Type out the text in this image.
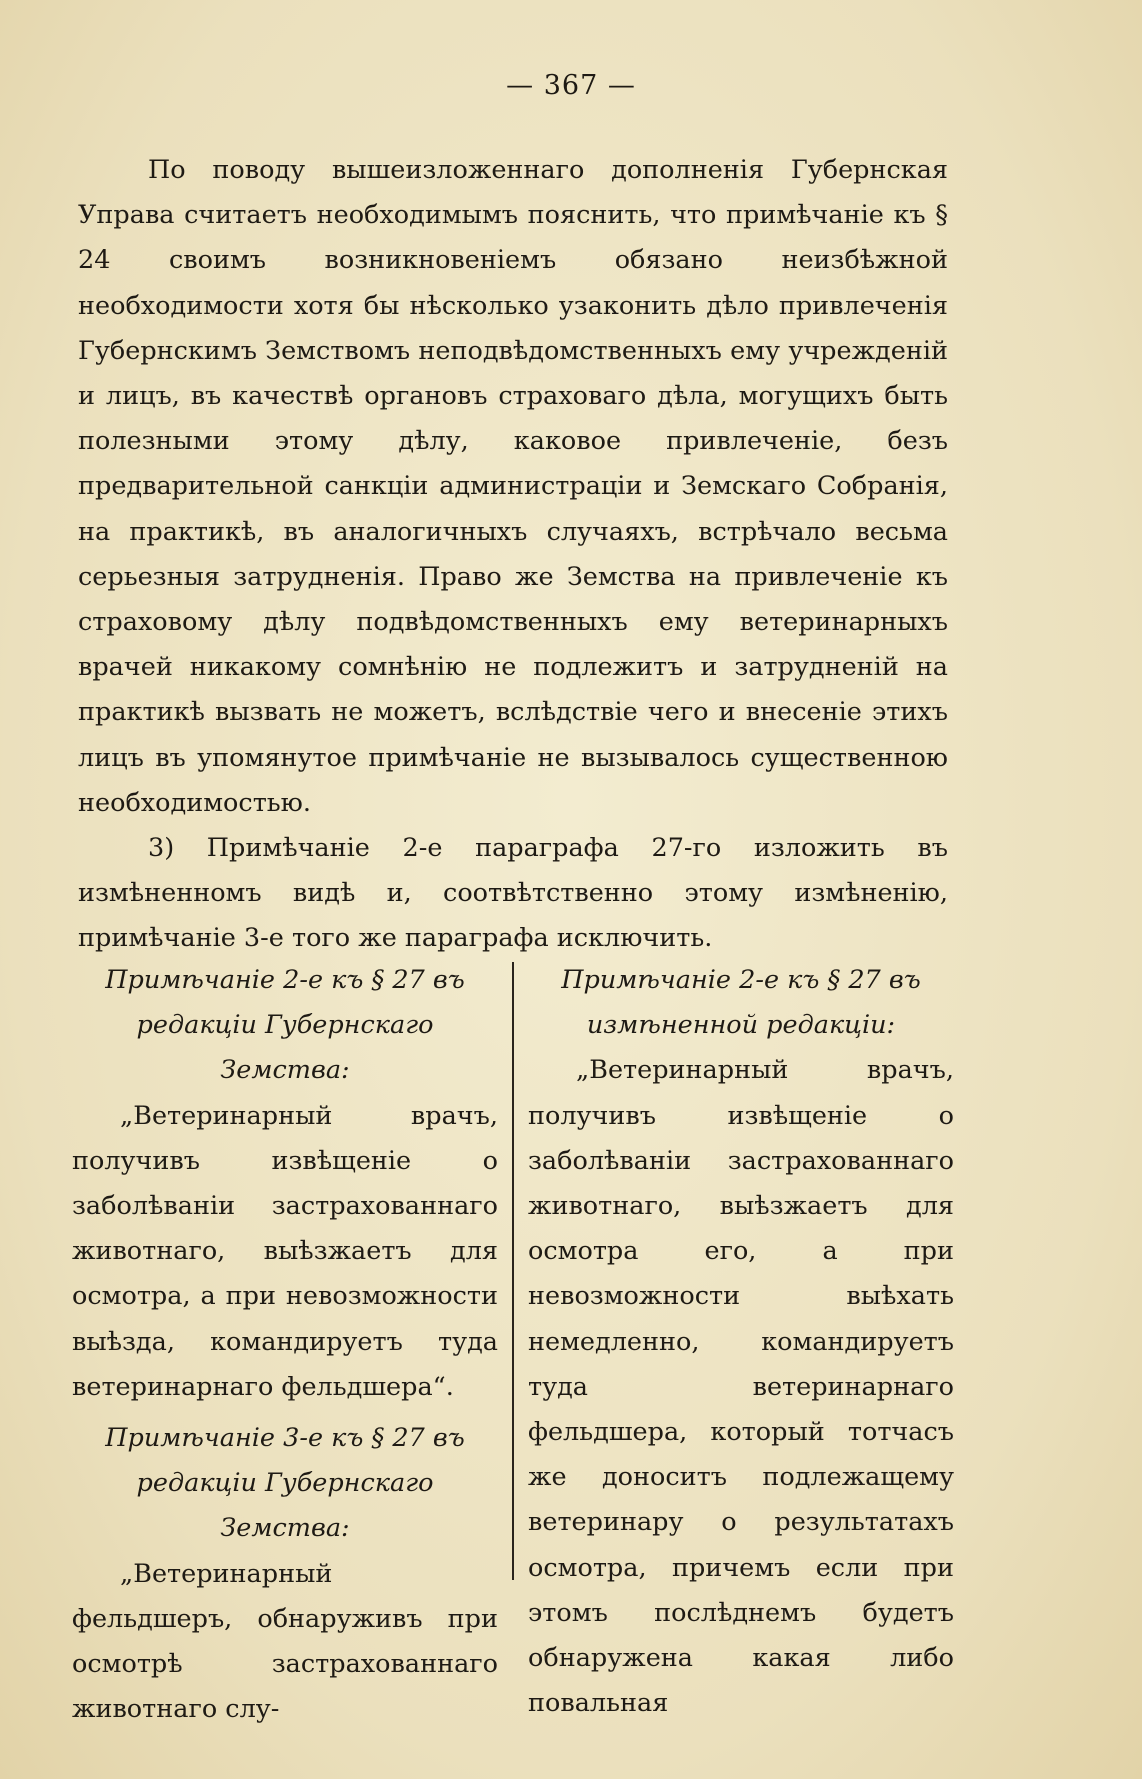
— 367 —

По поводу вышеизложеннаго дополненія Губернская Управа считаетъ необходимымъ пояснить, что примѣчаніе къ § 24 своимъ возникновеніемъ обязано неизбѣжной необходимости хотя бы нѣсколько узаконить дѣло привлеченія Губернскимъ Земствомъ неподвѣдомственныхъ ему учрежденій и лицъ, въ качествѣ органовъ страховаго дѣла, могущихъ быть полезными этому дѣлу, каковое привлеченіе, безъ предварительной санкціи администраціи и Земскаго Собранія, на практикѣ, въ аналогичныхъ случаяхъ, встрѣчало весьма серьезныя затрудненія. Право же Земства на привлеченіе къ страховому дѣлу подвѣдомственныхъ ему ветеринарныхъ врачей никакому сомнѣнію не подлежитъ и затрудненій на практикѣ вызвать не можетъ, вслѣдствіе чего и внесеніе этихъ лицъ въ упомянутое примѣчаніе не вызывалось существенною необходимостью.

3) Примѣчаніе 2-е параграфа 27-го изложить въ измѣненномъ видѣ и, соотвѣтственно этому измѣненію, примѣчаніе 3-е того же параграфа исключить.

Примѣчаніе 2-е къ § 27 въ редакціи Губернскаго Земства:

„Ветеринарный врачъ, получивъ извѣщеніе о заболѣваніи застрахованнаго животнаго, выѣзжаетъ для осмотра, а при невозможности выѣзда, командируетъ туда ветеринарнаго фельдшера“.

Примѣчаніе 3-е къ § 27 въ редакціи Губернскаго Земства:

„Ветеринарный фельдшеръ, обнаруживъ при осмотрѣ застрахованнаго животнаго слу-

Примѣчаніе 2-е къ § 27 въ измѣненной редакціи:

„Ветеринарный врачъ, получивъ извѣщеніе о заболѣваніи застрахованнаго животнаго, выѣзжаетъ для осмотра его, а при невозможности выѣхать немедленно, командируетъ туда ветеринарнаго фельдшера, который тотчасъ же доноситъ подлежащему ветеринару о результатахъ осмотра, причемъ если при этомъ послѣднемъ будетъ обнаружена какая либо повальная
